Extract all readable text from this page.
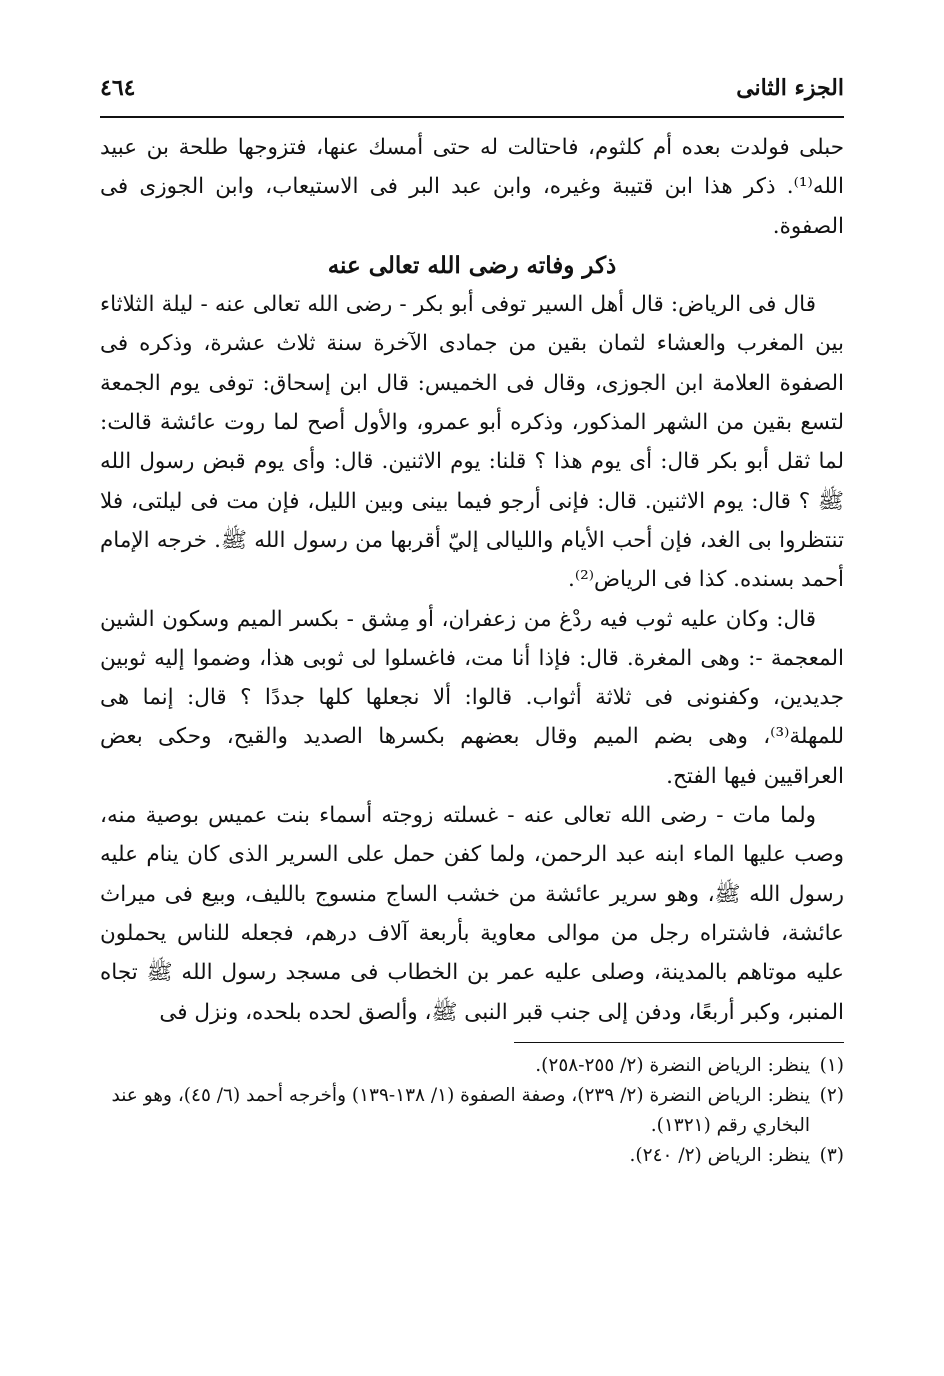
الجزء الثانى
٤٦٤

حبلى فولدت بعده أم كلثوم، فاحتالت له حتى أمسك عنها، فتزوجها طلحة بن عبيد الله⁽¹⁾. ذكر هذا ابن قتيبة وغيره، وابن عبد البر فى الاستيعاب، وابن الجوزى فى الصفوة.

ذكر وفاته رضى الله تعالى عنه

قال فى الرياض: قال أهل السير توفى أبو بكر - رضى الله تعالى عنه - ليلة الثلاثاء بين المغرب والعشاء لثمان بقين من جمادى الآخرة سنة ثلاث عشرة، وذكره فى الصفوة العلامة ابن الجوزى، وقال فى الخميس: قال ابن إسحاق: توفى يوم الجمعة لتسع بقين من الشهر المذكور، وذكره أبو عمرو، والأول أصح لما روت عائشة قالت: لما ثقل أبو بكر قال: أى يوم هذا ؟ قلنا: يوم الاثنين. قال: وأى يوم قبض رسول الله ﷺ ؟ قال: يوم الاثنين. قال: فإنى أرجو فيما بينى وبين الليل، فإن مت فى ليلتى، فلا تنتظروا بى الغد، فإن أحب الأيام والليالى إليّ أقربها من رسول الله ﷺ. خرجه الإمام أحمد بسنده. كذا فى الرياض⁽²⁾.

قال: وكان عليه ثوب فيه ردْغ من زعفران، أو مِشق - بكسر الميم وسكون الشين المعجمة -: وهى المغرة. قال: فإذا أنا مت، فاغسلوا لى ثوبى هذا، وضموا إليه ثوبين جديدين، وكفنونى فى ثلاثة أثواب. قالوا: ألا نجعلها كلها جددًا ؟ قال: إنما هى للمهلة⁽³⁾، وهى بضم الميم وقال بعضهم بكسرها الصديد والقيح، وحكى بعض العراقيين فيها الفتح.

ولما مات - رضى الله تعالى عنه - غسلته زوجته أسماء بنت عميس بوصية منه، وصب عليها الماء ابنه عبد الرحمن، ولما كفن حمل على السرير الذى كان ينام عليه رسول الله ﷺ، وهو سرير عائشة من خشب الساج منسوج بالليف، وبيع فى ميراث عائشة، فاشتراه رجل من موالى معاوية بأربعة آلاف درهم، فجعله للناس يحملون عليه موتاهم بالمدينة، وصلى عليه عمر بن الخطاب فى مسجد رسول الله ﷺ تجاه المنبر، وكبر أربعًا، ودفن إلى جنب قبر النبى ﷺ، وألصق لحده بلحده، ونزل فى

(١)
ينظر: الرياض النضرة (٢/ ٢٥٥-٢٥٨).
(٢)
ينظر: الرياض النضرة (٢/ ٢٣٩)، وصفة الصفوة (١/ ١٣٨-١٣٩) وأخرجه أحمد (٦/ ٤٥)، وهو عند البخاري رقم (١٣٢١).
(٣)
ينظر: الرياض (٢/ ٢٤٠).
